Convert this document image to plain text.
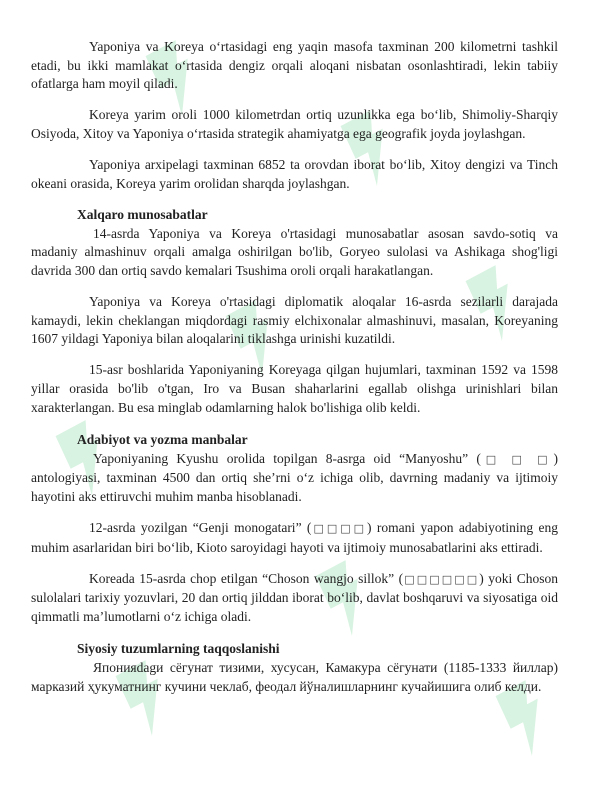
Yaponiya va Koreya o‘rtasidagi eng yaqin masofa taxminan 200 kilometrni tashkil etadi, bu ikki mamlakat o‘rtasida dengiz orqali aloqani nisbatan osonlashtiradi, lekin tabiiy ofatlarga ham moyil qiladi.

Koreya yarim oroli 1000 kilometrdan ortiq uzunlikka ega bo‘lib, Shimoliy-Sharqiy Osiyoda, Xitoy va Yaponiya o‘rtasida strategik ahamiyatga ega geografik joyda joylashgan.

Yaponiya arxipelagi taxminan 6852 ta orovdan iborat bo‘lib, Xitoy dengizi va Tinch okeani orasida, Koreya yarim orolidan sharqda joylashgan.

Xalqaro munosabatlar

14-asrda Yaponiya va Koreya o'rtasidagi munosabatlar asosan savdo-sotiq va madaniy almashinuv orqali amalga oshirilgan bo'lib, Goryeo sulolasi va Ashikaga shog'ligi davrida 300 dan ortiq savdo kemalari Tsushima oroli orqali harakatlangan.

Yaponiya va Koreya o'rtasidagi diplomatik aloqalar 16-asrda sezilarli darajada kamaydi, lekin cheklangan miqdordagi rasmiy elchixonalar almashinuvi, masalan, Koreyaning 1607 yildagi Yaponiya bilan aloqalarini tiklashga urinishi kuzatildi.

15-asr boshlarida Yaponiyaning Koreyaga qilgan hujumlari, taxminan 1592 va 1598 yillar orasida bo'lib o'tgan, Iro va Busan shaharlarini egallab olishga urinishlari bilan xarakterlangan. Bu esa minglab odamlarning halok bo'lishiga olib keldi.

Adabiyot va yozma manbalar

Yaponiyaning Kyushu orolida topilgan 8-asrga oid “Manyoshu” (□ □ □) antologiyasi, taxminan 4500 dan ortiq she’rni o‘z ichiga olib, davrning madaniy va ijtimoiy hayotini aks ettiruvchi muhim manba hisoblanadi.

12-asrda yozilgan “Genji monogatari” (□□□□) romani yapon adabiyotining eng muhim asarlaridan biri bo‘lib, Kioto saroyidagi hayoti va ijtimoiy munosabatlarini aks ettiradi.

Koreada 15-asrda chop etilgan “Choson wangjo sillok” (□□□□□□) yoki Choson sulolalari tarixiy yozuvlari, 20 dan ortiq jilddan iborat bo‘lib, davlat boshqaruvi va siyosatiga oid qimmatli ma’lumotlarni o‘z ichiga oladi.

Siyosiy tuzumlarning taqqoslanishi

Японияdagи сёгунат тизими, хусусан, Камакура сёгунати (1185-1333 йиллар) марказий ҳукуматнинг кучини чеклаб, феодал йўналишларнинг кучайишига олиб келди.
